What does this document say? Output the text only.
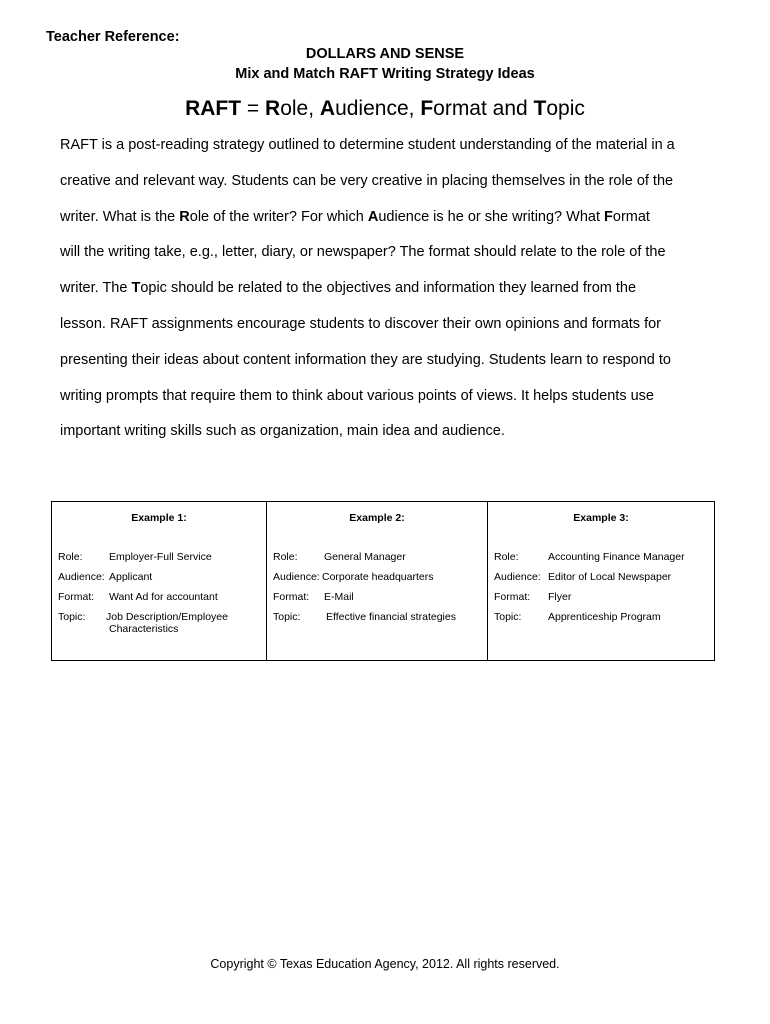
Teacher Reference:
DOLLARS AND SENSE
Mix and Match RAFT Writing Strategy Ideas
RAFT = Role, Audience, Format and Topic
RAFT is a post-reading strategy outlined to determine student understanding of the material in a
creative and relevant way. Students can be very creative in placing themselves in the role of the
writer. What is the Role of the writer? For which Audience is he or she writing? What Format
will the writing take, e.g., letter, diary, or newspaper? The format should relate to the role of the
writer. The Topic should be related to the objectives and information they learned from the
lesson. RAFT assignments encourage students to discover their own opinions and formats for
presenting their ideas about content information they are studying. Students learn to respond to
writing prompts that require them to think about various points of views. It helps students use
important writing skills such as organization, main idea and audience.
Example 1:
Role:	Employer-Full Service
Audience: Applicant
Format: Want Ad for accountant
Topic: Job Description/Employee
Characteristics

Example 2:
Role:	General Manager
Audience: Corporate headquarters
Format: E-Mail
Topic: Effective financial strategies

Example 3:
Role:	Accounting Finance Manager
Audience: Editor of Local Newspaper
Format: Flyer
Topic:	Apprenticeship Program
Copyright © Texas Education Agency, 2012. All rights reserved.
